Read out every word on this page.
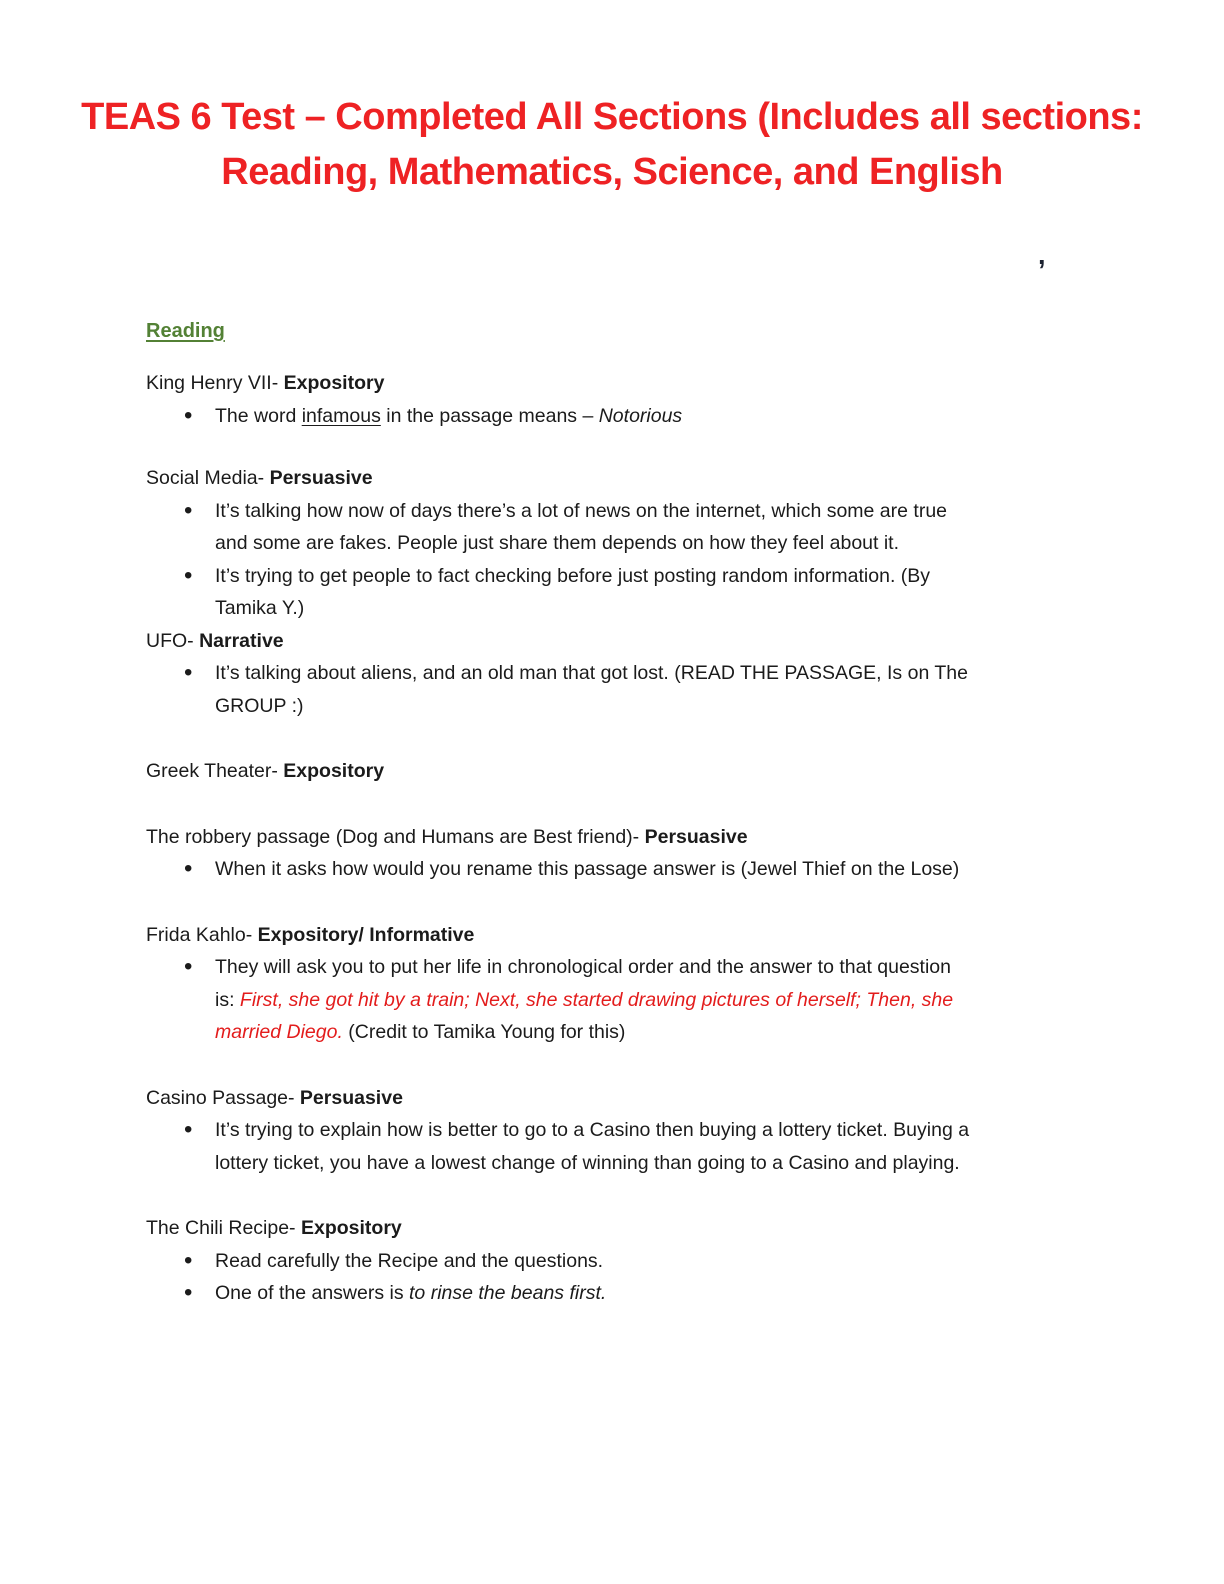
TEAS 6 Test – Completed All Sections (Includes all sections: Reading, Mathematics, Science, and English
,
Reading

King Henry VII- Expository

• The word infamous in the passage means – Notorious

Social Media- Persuasive

• It’s talking how now of days there’s a lot of news on the internet, which some are true
and some are fakes. People just share them depends on how they feel about it.
• It’s trying to get people to fact checking before just posting random information. (By
Tamika Y.)

UFO- Narrative

• It’s talking about aliens, and an old man that got lost. (READ THE PASSAGE, Is on The
GROUP :)

Greek Theater- Expository

The robbery passage (Dog and Humans are Best friend)- Persuasive

• When it asks how would you rename this passage answer is (Jewel Thief on the Lose)

Frida Kahlo- Expository/ Informative

• They will ask you to put her life in chronological order and the answer to that question
is: First, she got hit by a train; Next, she started drawing pictures of herself; Then, she
married Diego. (Credit to Tamika Young for this)

Casino Passage- Persuasive

• It’s trying to explain how is better to go to a Casino then buying a lottery ticket. Buying a
lottery ticket, you have a lowest change of winning than going to a Casino and playing.

The Chili Recipe- Expository

• Read carefully the Recipe and the questions.
• One of the answers is to rinse the beans first.
